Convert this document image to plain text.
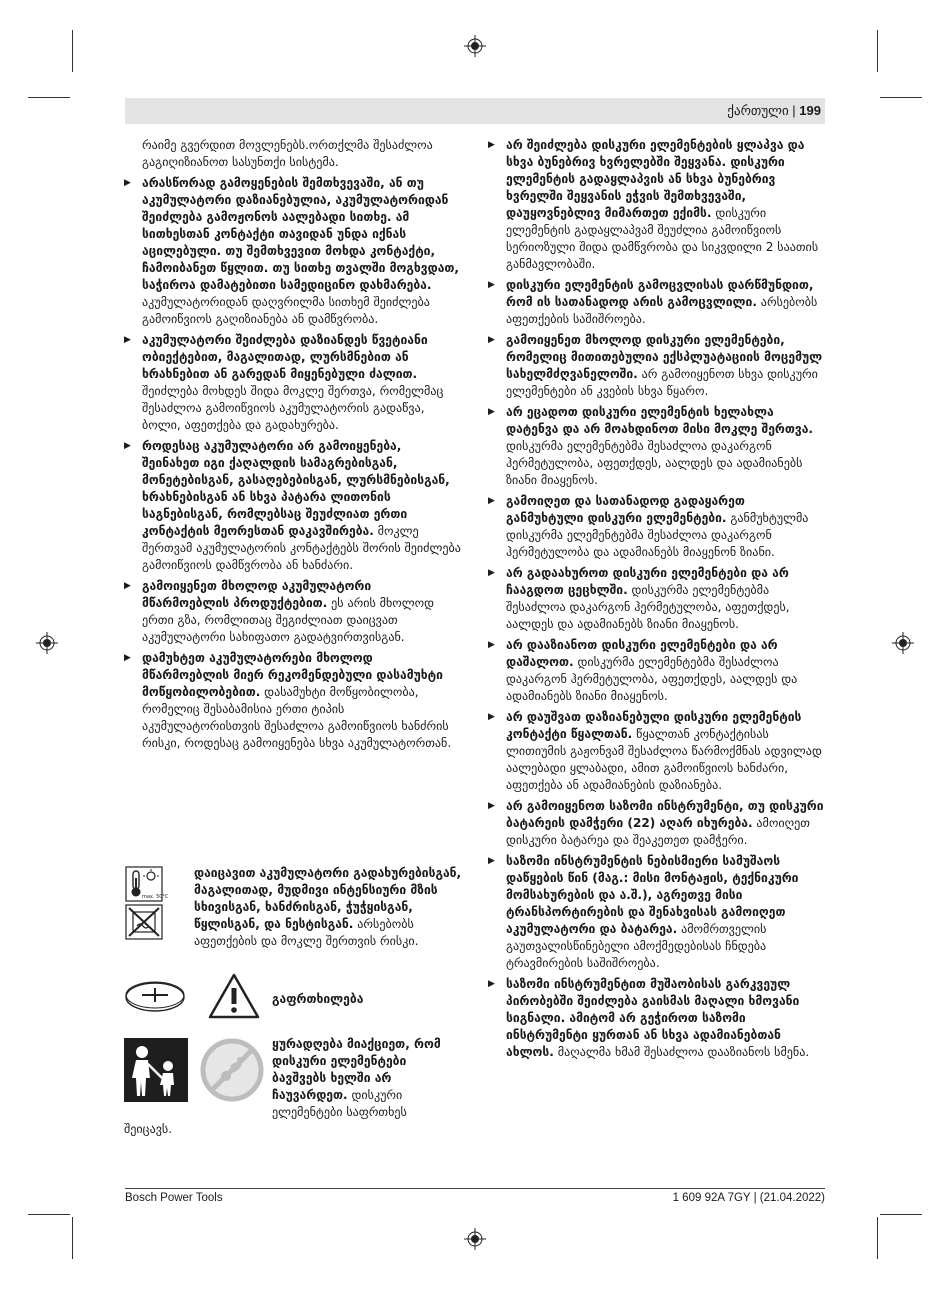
ქართული | 199

რაიმე გვერდით მოვლენებს.ორთქლმა შესაძლოა გაგიღიზიანოთ სასუნთქი სისტემა.

▶ არასწორად გამოყენების შემთხვევაში, ან თუ აკუმულატორი დაზიანებულია, აკუმულატორიდან შეიძლება გამოჟონოს აალებადი სითხე. ამ სითხესთან კონტაქტი თავიდან უნდა იქნას აცილებული. თუ შემთხვევით მოხდა კონტაქტი, ჩამოიბანეთ წყლით. თუ სითხე თვალში მოგხვდათ, საჭიროა დამატებითი სამედიცინო დახმარება. აკუმულატორიდან დაღვრილმა სითხემ შეიძლება გამოიწვიოს გაღიზიანება ან დამწვრობა.

▶ აკუმულატორი შეიძლება დაზიანდეს წვეტიანი ობიექტებით, მაგალითად, ლურსმნებით ან ხრახნებით ან გარედან მიყენებული ძალით. შეიძლება მოხდეს შიდა მოკლე შერთვა, რომელმაც შესაძლოა გამოიწვიოს აკუმულატორის გადაწვა, ბოლი, აფეთქება და გადახურება.

▶ როდესაც აკუმულატორი არ გამოიყენება, შეინახეთ იგი ქაღალდის სამაგრებისგან, მონეტებისგან, გასაღებებისგან, ლურსმნებისგან, ხრახნებისგან ან სხვა პატარა ლითონის საგნებისგან, რომლებსაც შეუძლიათ ერთი კონტაქტის მეორესთან დაკავშირება. მოკლე შერთვამ აკუმულატორის კონტაქტებს შორის შეიძლება გამოიწვიოს დამწვრობა ან ხანძარი.

▶ გამოიყენეთ მხოლოდ აკუმულატორი მწარმოებლის პროდუქტებით. ეს არის მხოლოდ ერთი გზა, რომლითაც შეგიძლიათ დაიცვათ აკუმულატორი სახიფათო გადატვირთვისგან.

▶ დამუხტეთ აკუმულატორები მხოლოდ მწარმოებლის მიერ რეკომენდებული დასამუხტი მოწყობილობებით. დასამუხტი მოწყობილობა, რომელიც შესაბამისია ერთი ტიპის აკუმულატორისთვის შესაძლოა გამოიწვიოს ხანძრის რისკი, როდესაც გამოიყენება სხვა აკუმულატორთან.

max. 50°C
დაიცავით აკუმულატორი გადახურებისგან, მაგალითად, მუდმივი ინტენსიური მზის სხივისგან, ხანძრისგან, ჭუჭყისგან, წყლისგან, და ნესტისგან. არსებობს აფეთქების და მოკლე შერთვის რისკი.
გაფრთხილება
ყურადღება მიაქციეთ, რომ დისკური ელემენტები ბავშვებს ხელში არ ჩაუვარდეთ. დისკური ელემენტები საფრთხეს
შეიცავს.

▶ არ შეიძლება დისკური ელემენტების ყლაპვა და სხვა ბუნებრივ ხვრელებში შეყვანა. დისკური ელემენტის გადაყლაპვის ან სხვა ბუნებრივ ხვრელში შეყვანის ეჭვის შემთხვევაში, დაუყოვნებლივ მიმართეთ ექიმს. დისკური ელემენტის გადაყლაპვამ შეუძლია გამოიწვიოს სერიოზული შიდა დამწვრობა და სიკვდილი 2 საათის განმავლობაში.

▶ დისკური ელემენტის გამოცვლისას დარწმუნდით, რომ ის სათანადოდ არის გამოცვლილი. არსებობს აფეთქების საშიშროება.

▶ გამოიყენეთ მხოლოდ დისკური ელემენტები, რომელიც მითითებულია ექსპლუატაციის მოცემულ სახელმძღვანელოში. არ გამოიყენოთ სხვა დისკური ელემენტები ან კვების სხვა წყარო.

▶ არ ეცადოთ დისკური ელემენტის ხელახლა დატენვა და არ მოახდინოთ მისი მოკლე შერთვა. დისკურმა ელემენტებმა შესაძლოა დაკარგონ ჰერმეტულობა, აფეთქდეს, აალდეს და ადამიანებს ზიანი მიაყენოს.

▶ გამოიღეთ და სათანადოდ გადაყარეთ განმუხტული დისკური ელემენტები. განმუხტულმა დისკურმა ელემენტებმა შესაძლოა დაკარგონ ჰერმეტულობა და ადამიანებს მიაყენონ ზიანი.

▶ არ გადაახუროთ დისკური ელემენტები და არ ჩააგდოთ ცეცხლში. დისკურმა ელემენტებმა შესაძლოა დაკარგონ ჰერმეტულობა, აფეთქდეს, აალდეს და ადამიანებს ზიანი მიაყენოს.

▶ არ დააზიანოთ დისკური ელემენტები და არ დაშალოთ. დისკურმა ელემენტებმა შესაძლოა დაკარგონ ჰერმეტულობა, აფეთქდეს, აალდეს და ადამიანებს ზიანი მიაყენოს.

▶ არ დაუშვათ დაზიანებული დისკური ელემენტის კონტაქტი წყალთან. წყალთან კონტაქტისას ლითიუმის გაჟონვამ შესაძლოა წარმოქმნას ადვილად აალებადი ყლაბადი, ამით გამოიწვიოს ხანძარი, აფეთქება ან ადამიანების დაზიანება.

▶ არ გამოიყენოთ საზომი ინსტრუმენტი, თუ დისკური ბატარეის დამჭერი (22) აღარ იხურება. ამოიღეთ დისკური ბატარეა და შეაკეთეთ დამჭერი.

▶ საზომი ინსტრუმენტის ნებისმიერი სამუშაოს დაწყების წინ (მაგ.: მისი მონტაჟის, ტექნიკური მომსახურების და ა.შ.), აგრეთვე მისი ტრანსპორტირების და შენახვისას გამოიღეთ აკუმულატორი და ბატარეა. ამომრთველის გაუთვალისწინებელი ამოქმედებისას ჩნდება ტრავმირების საშიშროება.

▶ საზომი ინსტრუმენტით მუშაობისას გარკვეულ პირობებში შეიძლება გაისმას მაღალი ხმოვანი სიგნალი. ამიტომ არ გეჭიროთ საზომი ინსტრუმენტი ყურთან ან სხვა ადამიანებთან ახლოს. მაღალმა ხმამ შესაძლოა დააზიანოს სმენა.

Bosch Power Tools	1 609 92A 7GY | (21.04.2022)
